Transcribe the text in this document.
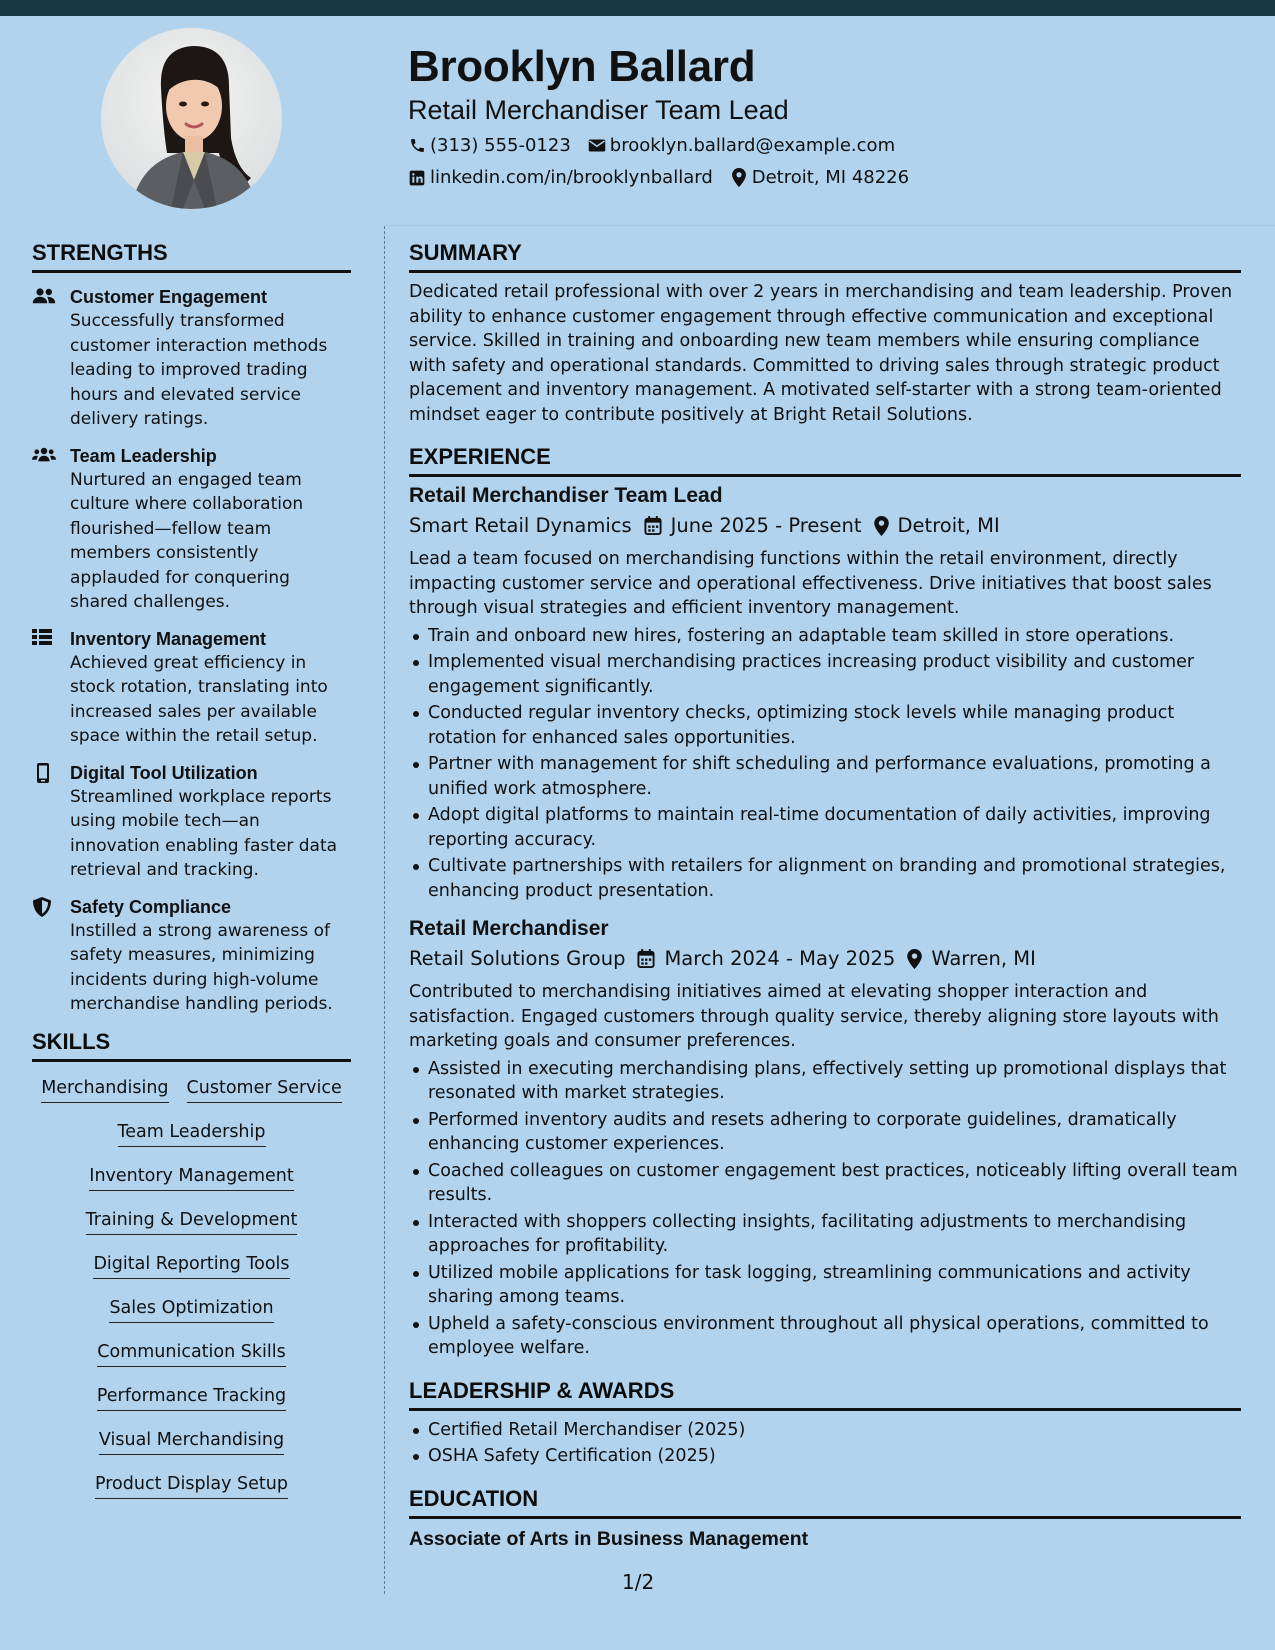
Brooklyn Ballard
Retail Merchandiser Team Lead
(313) 555-0123 brooklyn.ballard@example.com
linkedin.com/in/brooklynballard Detroit, MI 48226
STRENGTHS
Customer Engagement
Successfully transformed customer interaction methods leading to improved trading hours and elevated service delivery ratings.
Team Leadership
Nurtured an engaged team culture where collaboration flourished—fellow team members consistently applauded for conquering shared challenges.
Inventory Management
Achieved great efficiency in stock rotation, translating into increased sales per available space within the retail setup.
Digital Tool Utilization
Streamlined workplace reports using mobile tech—an innovation enabling faster data retrieval and tracking.
Safety Compliance
Instilled a strong awareness of safety measures, minimizing incidents during high-volume merchandise handling periods.
SKILLS
Merchandising Customer Service
Team Leadership
Inventory Management
Training & Development
Digital Reporting Tools
Sales Optimization
Communication Skills
Performance Tracking
Visual Merchandising
Product Display Setup
SUMMARY
Dedicated retail professional with over 2 years in merchandising and team leadership. Proven ability to enhance customer engagement through effective communication and exceptional service. Skilled in training and onboarding new team members while ensuring compliance with safety and operational standards. Committed to driving sales through strategic product placement and inventory management. A motivated self-starter with a strong team-oriented mindset eager to contribute positively at Bright Retail Solutions.
EXPERIENCE
Retail Merchandiser Team Lead
Smart Retail Dynamics June 2025 - Present Detroit, MI
Lead a team focused on merchandising functions within the retail environment, directly impacting customer service and operational effectiveness. Drive initiatives that boost sales through visual strategies and efficient inventory management.
Train and onboard new hires, fostering an adaptable team skilled in store operations.
Implemented visual merchandising practices increasing product visibility and customer engagement significantly.
Conducted regular inventory checks, optimizing stock levels while managing product rotation for enhanced sales opportunities.
Partner with management for shift scheduling and performance evaluations, promoting a unified work atmosphere.
Adopt digital platforms to maintain real-time documentation of daily activities, improving reporting accuracy.
Cultivate partnerships with retailers for alignment on branding and promotional strategies, enhancing product presentation.
Retail Merchandiser
Retail Solutions Group March 2024 - May 2025 Warren, MI
Contributed to merchandising initiatives aimed at elevating shopper interaction and satisfaction. Engaged customers through quality service, thereby aligning store layouts with marketing goals and consumer preferences.
Assisted in executing merchandising plans, effectively setting up promotional displays that resonated with market strategies.
Performed inventory audits and resets adhering to corporate guidelines, dramatically enhancing customer experiences.
Coached colleagues on customer engagement best practices, noticeably lifting overall team results.
Interacted with shoppers collecting insights, facilitating adjustments to merchandising approaches for profitability.
Utilized mobile applications for task logging, streamlining communications and activity sharing among teams.
Upheld a safety-conscious environment throughout all physical operations, committed to employee welfare.
LEADERSHIP & AWARDS
Certified Retail Merchandiser (2025)
OSHA Safety Certification (2025)
EDUCATION
Associate of Arts in Business Management
1/2
